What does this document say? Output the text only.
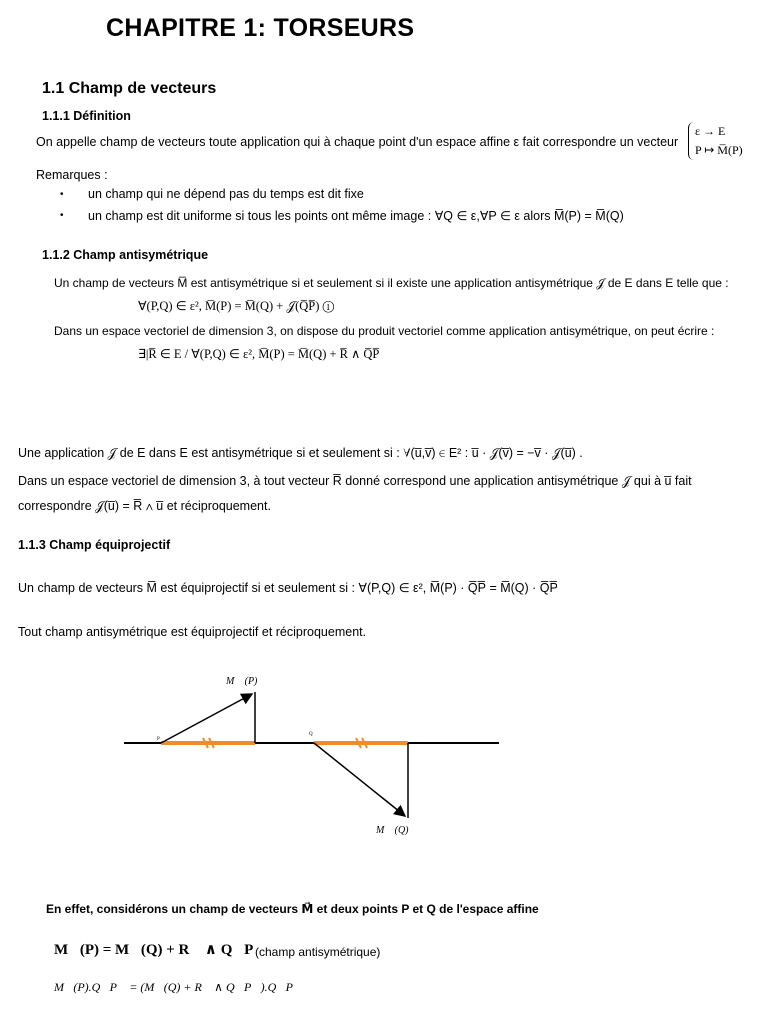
CHAPITRE 1: TORSEURS
1.1 Champ de vecteurs
1.1.1 Définition
On appelle champ de vecteurs toute application qui à chaque point d'un espace affine ε fait correspondre un vecteur
ε → E
P ↦ M̅(P)
Remarques :
• un champ qui ne dépend pas du temps est dit fixe
• un champ est dit uniforme si tous les points ont même image : ∀Q ∈ ε,∀P ∈ ε alors M̅(P) = M̅(Q)
1.1.2 Champ antisymétrique
Un champ de vecteurs M̅ est antisymétrique si et seulement si il existe une application antisymétrique 𝒥 de E dans E telle que :
∀(P,Q) ∈ ε², M̅(P) = M̅(Q) + 𝒥(Q̅P̅) ①
Dans un espace vectoriel de dimension 3, on dispose du produit vectoriel comme application antisymétrique, on peut écrire :
∃|R̅ ∈ E / ∀(P,Q) ∈ ε², M̅(P) = M̅(Q) + R̅ ∧ Q̅P̅
Une application 𝒥 de E dans E est antisymétrique si et seulement si : ∀(u̅,v̅) ∈ E² : u̅ · 𝒥(v̅) = −v̅ · 𝒥(u̅) .
Dans un espace vectoriel de dimension 3, à tout vecteur R̅ donné correspond une application antisymétrique 𝒥 qui à u̅ fait
correspondre 𝒥(u̅) = R̅ ∧ u̅ et réciproquement.
1.1.3 Champ équiprojectif
Un champ de vecteurs M̅ est équiprojectif si et seulement si : ∀(P,Q) ∈ ε², M̅(P) · Q̅P̅ = M̅(Q) · Q̅P̅
Tout champ antisymétrique est équiprojectif et réciproquement.
M⃗ (P)
M⃗ (Q)
P
Q
En effet, considérons un champ de vecteurs M⃗ et deux points P et Q de l'espace affine
M⃗(P) = M⃗(Q) + R⃗ ∧ Q⃗P⃗
(champ antisymétrique)
M⃗(P).Q⃗P⃗ = (M⃗(Q) + R⃗ ∧ Q⃗P⃗).Q⃗P⃗
